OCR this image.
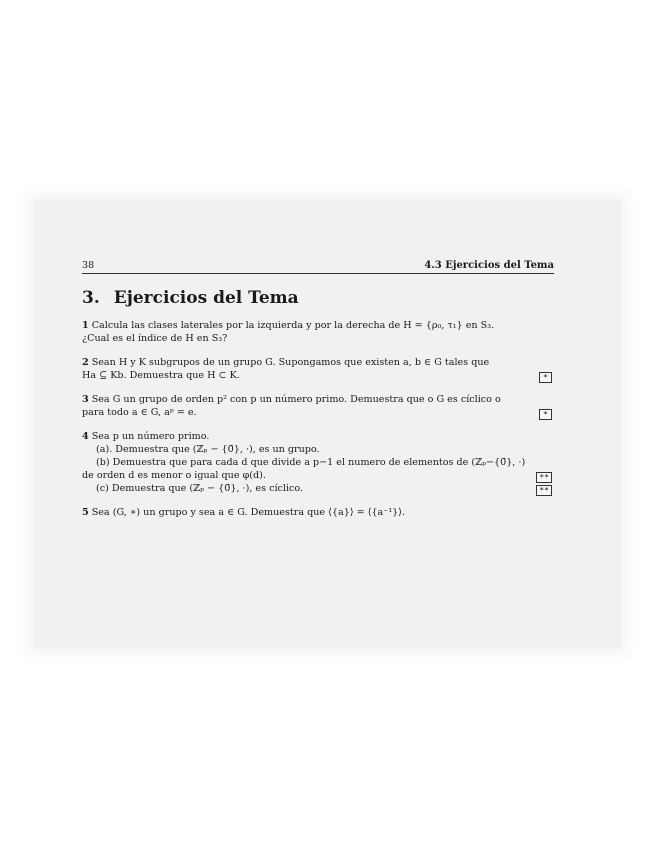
38	4.3 Ejercicios del Tema
3. Ejercicios del Tema

1 Calcula las clases laterales por la izquierda y por la derecha de H = {ρ₀, τ₁} en S₃.

¿Cual es el índice de H en S₃?

2 Sean H y K subgrupos de un grupo G. Supongamos que existen a, b ∈ G tales que

Ha ⊆ Kb. Demuestra que H ⊂ K.	*

3 Sea G un grupo de orden p² con p un número primo. Demuestra que o G es cíclico o

para todo a ∈ G, aᵖ = e.	*

4 Sea p un número primo.

(a). Demuestra que (ℤₚ − {0̄}, ·), es un grupo.

(b) Demuestra que para cada d que divide a p−1 el numero de elementos de (ℤₚ−{0̄}, ·)

de orden d es menor o igual que φ(d).	**

(c) Demuestra que (ℤₚ − {0̄}, ·), es cíclico.	**

5 Sea (G, ∗) un grupo y sea a ∈ G. Demuestra que ⟨{a}⟩ = ⟨{a⁻¹}⟩.
